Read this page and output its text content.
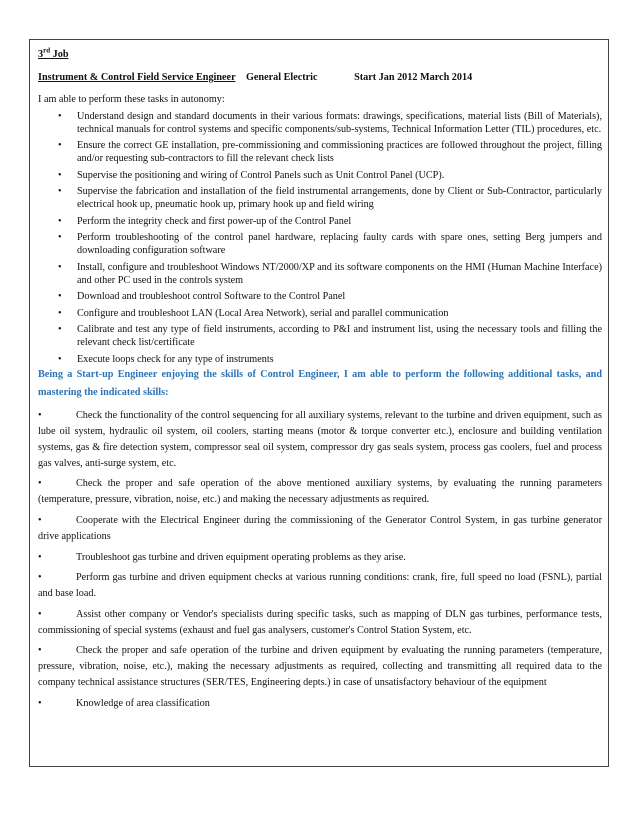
3rd Job
Instrument & Control Field Service Engineer General Electric	Start Jan 2012 March 2014
I am able to perform these tasks in autonomy:
• Understand design and standard documents in their various formats: drawings, specifications, material lists (Bill of Materials), technical manuals for control systems and specific components/sub-systems, Technical Information Letter (TIL) procedures, etc.
• Ensure the correct GE installation, pre-commissioning and commissioning practices are followed throughout the project, filling and/or requesting sub-contractors to fill the relevant check lists
• Supervise the positioning and wiring of Control Panels such as Unit Control Panel (UCP).
• Supervise the fabrication and installation of the field instrumental arrangements, done by Client or Sub-Contractor, particularly electrical hook up, pneumatic hook up, primary hook up and field wiring
• Perform the integrity check and first power-up of the Control Panel
• Perform troubleshooting of the control panel hardware, replacing faulty cards with spare ones, setting Berg jumpers and downloading configuration software
• Install, configure and troubleshoot Windows NT/2000/XP and its software components on the HMI (Human Machine Interface) and other PC used in the controls system
• Download and troubleshoot control Software to the Control Panel
• Configure and troubleshoot LAN (Local Area Network), serial and parallel communication
• Calibrate and test any type of field instruments, according to P&I and instrument list, using the necessary tools and filling the relevant check list/certificate
• Execute loops check for any type of instruments
Being a Start-up Engineer enjoying the skills of Control Engineer, I am able to perform the following additional tasks, and mastering the indicated skills:
•	Check the functionality of the control sequencing for all auxiliary systems, relevant to the turbine and driven equipment, such as lube oil system, hydraulic oil system, oil coolers, starting means (motor & torque converter etc.), enclosure and building ventilation systems, gas & fire detection system, compressor seal oil system, compressor dry gas seals system, process gas coolers, fuel and process gas valves, anti-surge system, etc.
•	Check the proper and safe operation of the above mentioned auxiliary systems, by evaluating the running parameters (temperature, pressure, vibration, noise, etc.) and making the necessary adjustments as required.
•	Cooperate with the Electrical Engineer during the commissioning of the Generator Control System, in gas turbine generator drive applications
•	Troubleshoot gas turbine and driven equipment operating problems as they arise.
•	Perform gas turbine and driven equipment checks at various running conditions: crank, fire, full speed no load (FSNL), partial and base load.
•	Assist other company or Vendor's specialists during specific tasks, such as mapping of DLN gas turbines, performance tests, commissioning of special systems (exhaust and fuel gas analysers, customer's Control Station System, etc.
•	Check the proper and safe operation of the turbine and driven equipment by evaluating the running parameters (temperature, pressure, vibration, noise, etc.), making the necessary adjustments as required, collecting and transmitting all required data to the company technical assistance structures (SER/TES, Engineering depts.) in case of unsatisfactory behaviour of the equipment
•	Knowledge of area classification
